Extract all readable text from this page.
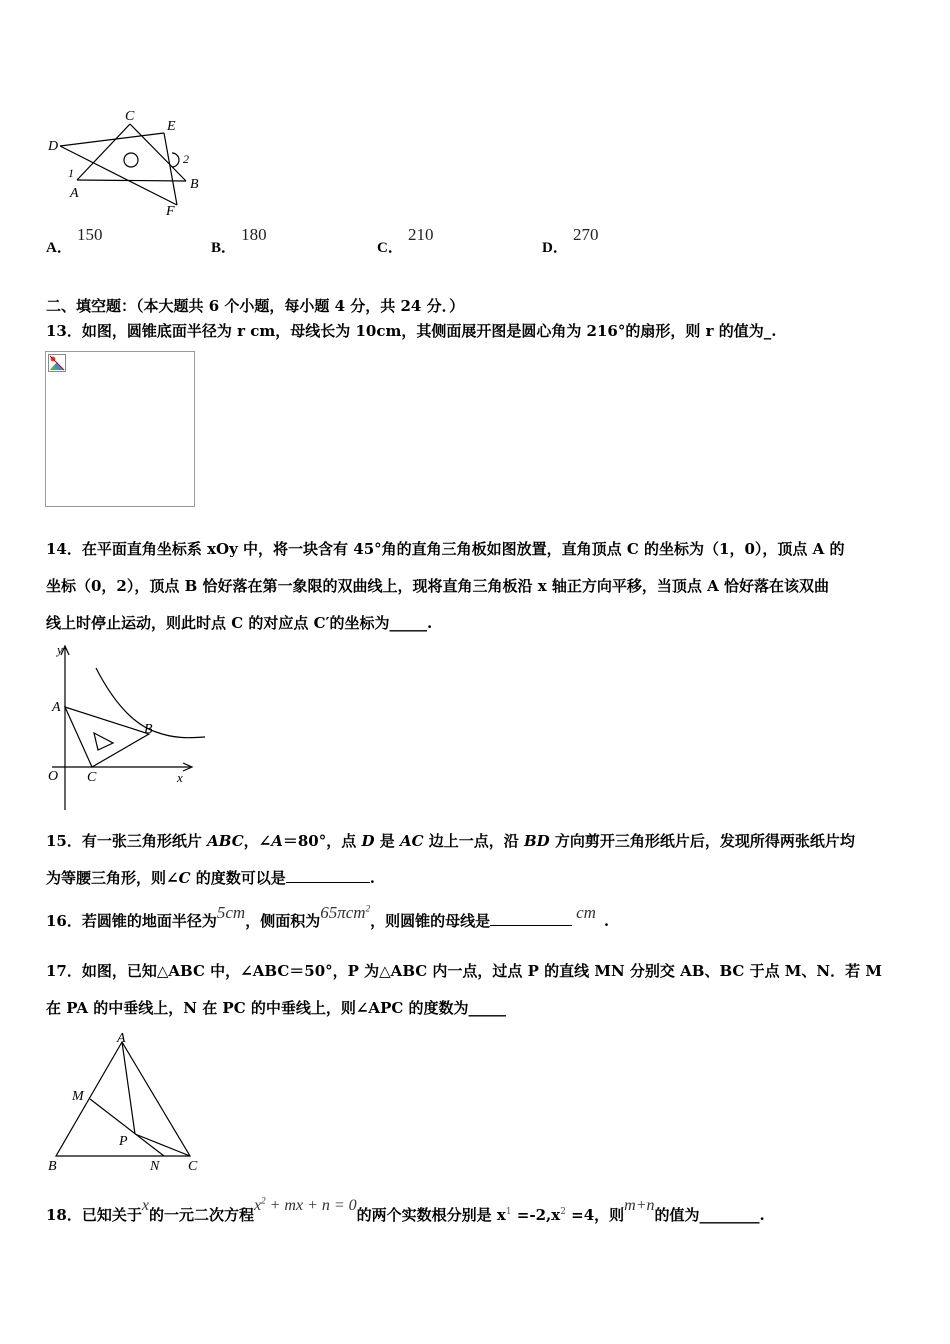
C
E
D
2
1
A
B
F
A． 150
B． 180
C． 210
D． 270
二、填空题：（本大题共 6 个小题，每小题 4 分，共 24 分．）
13．如图，圆锥底面半径为 r cm，母线长为 10cm，其侧面展开图是圆心角为 216°的扇形，则 r 的值为_.
14．在平面直角坐标系 xOy 中，将一块含有 45°角的直角三角板如图放置，直角顶点 C 的坐标为（1，0），顶点 A 的
坐标（0，2），顶点 B 恰好落在第一象限的双曲线上，现将直角三角板沿 x 轴正方向平移，当顶点 A 恰好落在该双曲
线上时停止运动，则此时点 C 的对应点 C′的坐标为_____.
y
A
B
O C	x
15．有一张三角形纸片 ABC，∠A＝80°，点 D 是 AC 边上一点，沿 BD 方向剪开三角形纸片后，发现所得两张纸片均
为等腰三角形，则∠C 的度数可以是	.
16．若圆锥的地面半径为5cm，侧面积为65πcm$^2$，则圆锥的母线是	cm .
17．如图，已知△ABC 中，∠ABC＝50°，P 为△ABC 内一点，过点 P 的直线 MN 分别交 AB、BC 于点 M、N．若 M
在 PA 的中垂线上，N 在 PC 的中垂线上，则∠APC 的度数为_____
A
M
P
B	N C
18．已知关于x的一元二次方程$x^2$ + mx + n = 0的两个实数根分别是 $x^1 =-2,x^2 =4$，则m+n的值为________.
